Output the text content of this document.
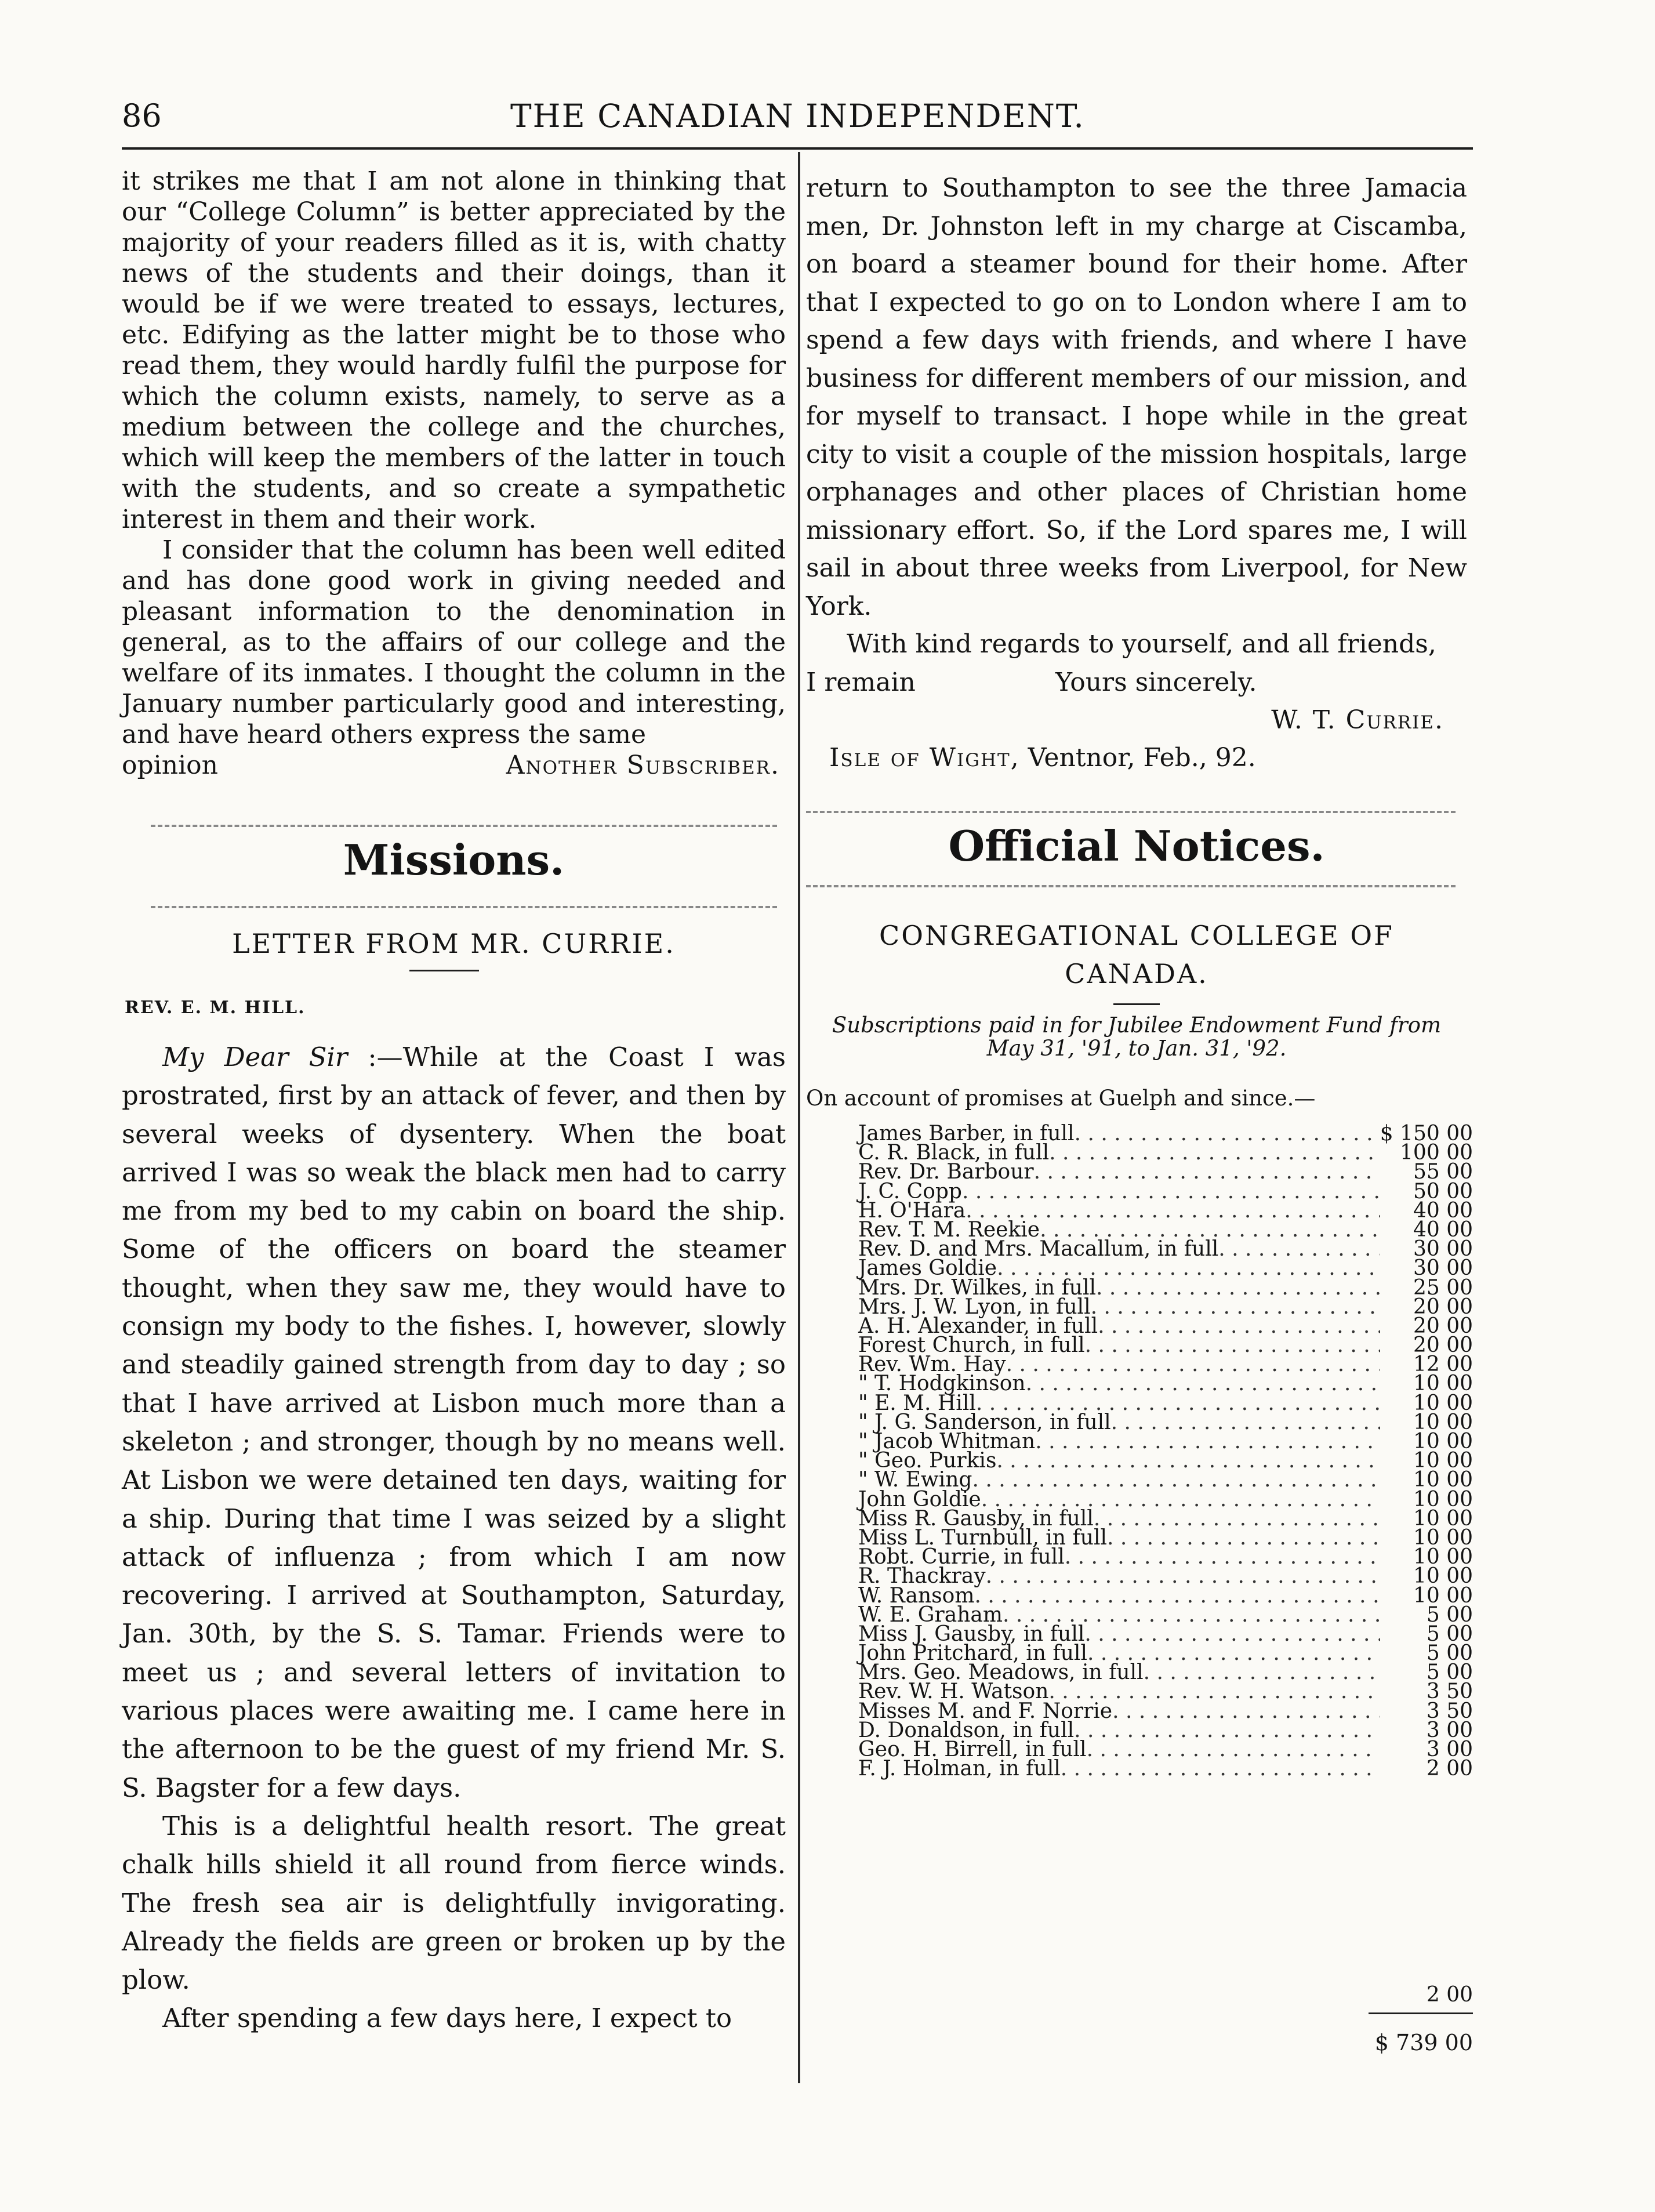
86	THE CANADIAN INDEPENDENT.

it strikes me that I am not alone in thinking that our “College Column” is better appreciated by the majority of your readers filled as it is, with chatty news of the students and their doings, than it would be if we were treated to essays, lectures, etc. Edifying as the latter might be to those who read them, they would hardly fulfil the purpose for which the column exists, namely, to serve as a medium between the college and the churches, which will keep the members of the latter in touch with the students, and so create a sympathetic interest in them and their work.

I consider that the column has been well edited and has done good work in giving needed and pleasant information to the denomination in general, as to the affairs of our college and the welfare of its inmates. I thought the column in the January number particularly good and interesting, and have heard others express the same

opinion	Another Subscriber.
Missions.
LETTER FROM MR. CURRIE.
REV. E. M. HILL.

My Dear Sir :—While at the Coast I was prostrated, first by an attack of fever, and then by several weeks of dysentery. When the boat arrived I was so weak the black men had to carry me from my bed to my cabin on board the ship. Some of the officers on board the steamer thought, when they saw me, they would have to consign my body to the fishes. I, however, slowly and steadily gained strength from day to day ; so that I have arrived at Lisbon much more than a skeleton ; and stronger, though by no means well. At Lisbon we were detained ten days, waiting for a ship. During that time I was seized by a slight attack of influenza ; from which I am now recovering. I arrived at Southampton, Saturday, Jan. 30th, by the S. S. Tamar. Friends were to meet us ; and several letters of invitation to various places were awaiting me. I came here in the afternoon to be the guest of my friend Mr. S. S. Bagster for a few days.

This is a delightful health resort. The great chalk hills shield it all round from fierce winds. The fresh sea air is delightfully invigorating. Already the fields are green or broken up by the plow.

After spending a few days here, I expect to

return to Southampton to see the three Jamacia men, Dr. Johnston left in my charge at Ciscamba, on board a steamer bound for their home. After that I expected to go on to London where I am to spend a few days with friends, and where I have business for different members of our mission, and for myself to transact. I hope while in the great city to visit a couple of the mission hospitals, large orphanages and other places of Christian home missionary effort. So, if the Lord spares me, I will sail in about three weeks from Liverpool, for New York.

With kind regards to yourself, and all friends,

I remain	Yours sincerely.
W. T. Currie.
Isle of Wight, Ventnor, Feb., 92.
Official Notices.
CONGREGATIONAL COLLEGE OF CANADA.
Subscriptions paid in for Jubilee Endowment Fund from May 31, '91, to Jan. 31, '92.
On account of promises at Guelph and since.—
James Barber, in full . . .	$ 150 00
C. R. Black, in full . . .	100 00
Rev. Dr. Barbour . . .	55 00
J. C. Copp . . .	50 00
H. O'Hara . . .	40 00
Rev. T. M. Reekie . . .	40 00
Rev. D. and Mrs. Macallum, in full . . .	30 00
James Goldie . . .	30 00
Mrs. Dr. Wilkes, in full . . .	25 00
Mrs. J. W. Lyon, in full . . .	20 00
A. H. Alexander, in full . . .	20 00
Forest Church, in full . . .	20 00
Rev. Wm. Hay . . .	12 00
" T. Hodgkinson . . .	10 00
" E. M. Hill . . .	10 00
" J. G. Sanderson, in full . . .	10 00
" Jacob Whitman . . .	10 00
" Geo. Purkis . . .	10 00
" W. Ewing . . .	10 00
John Goldie . . .	10 00
Miss R. Gausby, in full . . .	10 00
Miss L. Turnbull, in full . . .	10 00
Robt. Currie, in full . . .	10 00
R. Thackray . . .	10 00
W. Ransom . . .	10 00
W. E. Graham . . .	5 00
Miss J. Gausby, in full . . .	5 00
John Pritchard, in full . . .	5 00
Mrs. Geo. Meadows, in full . . .	5 00
Rev. W. H. Watson . . .	3 50
Misses M. and F. Norrie . . .	3 50
D. Donaldson, in full . . .	3 00
Geo. H. Birrell, in full . . .	3 00
F. J. Holman, in full . . .	2 00
2 00
$ 739 00
